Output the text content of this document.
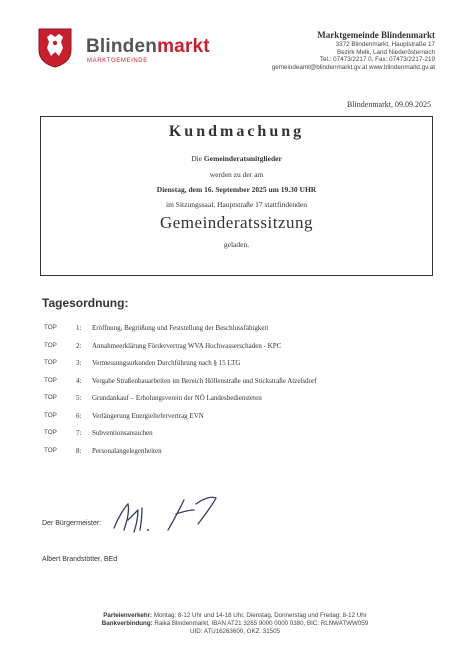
Blindenmarkt
MARKTGEMEINDE
Marktgemeinde Blindenmarkt
3372 Blindenmarkt, Hauptstraße 17
Bezirk Melk, Land Niederösterreich
Tel.: 07473/2217 0, Fax: 07473/2217-219
gemeindeamt@blindenmarkt.gv.at www.blindenmarkt.gv.at
Blindenmarkt, 09.09.2025
Kundmachung
Die Gemeinderatsmitglieder
werden zu der am
Dienstag, dem 16. September 2025 um 19.30 UHR
im Sitzungssaal, Hauptstraße 17 stattfindenden
Gemeinderatssitzung
geladen.
Tagesordnung:
TOP	1: Eröffnung, Begrüßung und Feststellung der Beschlussfähigkeit
TOP	2: Annahmeerklärung Fördervertrag WVA Hochwasserschaden - KPC
TOP	3: Vermessungsurkunden Durchführung nach § 15 LTG
TOP	4: Vergabe Straßenbauarbeiten im Bereich Höllenstraße und Stickstraße Atzelsdorf
TOP	5: Grundankauf – Erholungsverein der NÖ Landesbediensteten
TOP	6: Verlängerung Energieliefervertrag EVN
TOP	7: Subventionsansuchen
TOP	8: Personalangelegenheiten
Der Bürgermeister:
Albert Brandstötter, BEd
Parteienverkehr: Montag: 8-12 Uhr und 14-18 Uhr, Dienstag, Donnerstag und Freitag: 8-12 Uhr
Bankverbindung: Raika Blindenmarkt, IBAN AT21 3265 9000 0000 0380, BIC: RLNWATWW059
UID: ATU16263600, GKZ: 31505
